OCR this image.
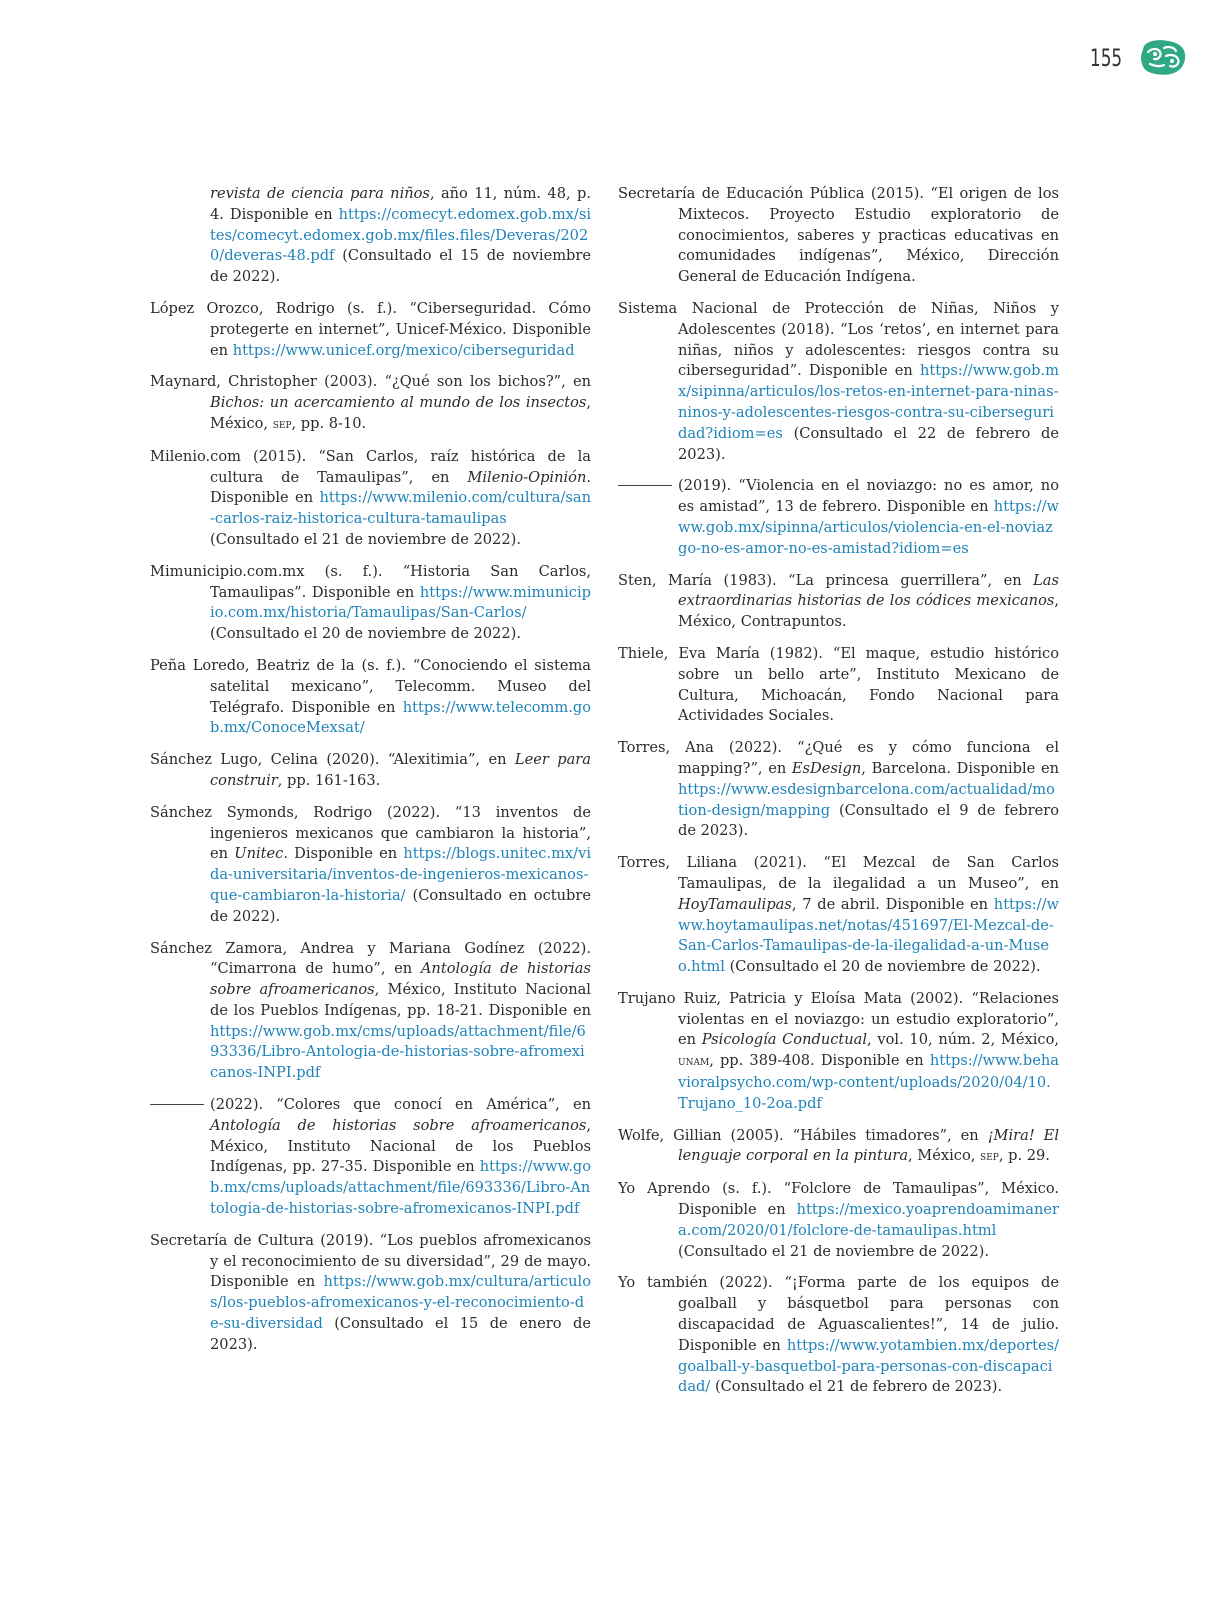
155

revista de ciencia para niños, año 11, núm. 48, p. 4. Disponible en https://comecyt.edomex.gob.mx/sites/comecyt.edomex.gob.mx/files.files/Deveras/2020/deveras-48.pdf (Consultado el 15 de noviembre de 2022).

López Orozco, Rodrigo (s. f.). “Ciberseguridad. Cómo protegerte en internet”, Unicef-México. Disponible en https://www.unicef.org/mexico/ciberseguridad

Maynard, Christopher (2003). “¿Qué son los bichos?”, en Bichos: un acercamiento al mundo de los insectos, México, sep, pp. 8-10.

Milenio.com (2015). “San Carlos, raíz histórica de la cultura de Tamaulipas”, en Milenio-Opinión. Disponible en https://www.milenio.com/cultura/san-carlos-raiz-historica-cultura-tamaulipas (Consultado el 21 de noviembre de 2022).

Mimunicipio.com.mx (s. f.). “Historia San Carlos, Tamaulipas”. Disponible en https://www.mimunicipio.com.mx/historia/Tamaulipas/San-Carlos/ (Consultado el 20 de noviembre de 2022).

Peña Loredo, Beatriz de la (s. f.). “Conociendo el sistema satelital mexicano”, Telecomm. Museo del Telégrafo. Disponible en https://www.telecomm.gob.mx/ConoceMexsat/

Sánchez Lugo, Celina (2020). “Alexitimia”, en Leer para construir, pp. 161-163.

Sánchez Symonds, Rodrigo (2022). “13 inventos de ingenieros mexicanos que cambiaron la historia”, en Unitec. Disponible en https://blogs.unitec.mx/vida-universitaria/inventos-de-ingenieros-mexicanos-que-cambiaron-la-historia/ (Consultado en octubre de 2022).

Sánchez Zamora, Andrea y Mariana Godínez (2022). “Cimarrona de humo”, en Antología de historias sobre afroamericanos, México, Instituto Nacional de los Pueblos Indígenas, pp. 18-21. Disponible en https://www.gob.mx/cms/uploads/attachment/file/693336/Libro-Antologia-de-historias-sobre-afromexicanos-INPI.pdf

(2022). “Colores que conocí en América”, en Antología de historias sobre afroamericanos, México, Instituto Nacional de los Pueblos Indígenas, pp. 27-35. Disponible en https://www.gob.mx/cms/uploads/attachment/file/693336/Libro-Antologia-de-historias-sobre-afromexicanos-INPI.pdf

Secretaría de Cultura (2019). “Los pueblos afromexicanos y el reconocimiento de su diversidad”, 29 de mayo. Disponible en https://www.gob.mx/cultura/articulos/los-pueblos-afromexicanos-y-el-reconocimiento-de-su-diversidad (Consultado el 15 de enero de 2023).

Secretaría de Educación Pública (2015). “El origen de los Mixtecos. Proyecto Estudio exploratorio de conocimientos, saberes y practicas educativas en comunidades indígenas”, México, Dirección General de Educación Indígena.

Sistema Nacional de Protección de Niñas, Niños y Adolescentes (2018). “Los ‘retos’, en internet para niñas, niños y adolescentes: riesgos contra su ciberseguridad”. Disponible en https://www.gob.mx/sipinna/articulos/los-retos-en-internet-para-ninas-ninos-y-adolescentes-riesgos-contra-su-ciberseguridad?idiom=es (Consultado el 22 de febrero de 2023).

(2019). “Violencia en el noviazgo: no es amor, no es amistad”, 13 de febrero. Disponible en https://www.gob.mx/sipinna/articulos/violencia-en-el-noviazgo-no-es-amor-no-es-amistad?idiom=es

Sten, María (1983). “La princesa guerrillera”, en Las extraordinarias historias de los códices mexicanos, México, Contrapuntos.

Thiele, Eva María (1982). “El maque, estudio histórico sobre un bello arte”, Instituto Mexicano de Cultura, Michoacán, Fondo Nacional para Actividades Sociales.

Torres, Ana (2022). “¿Qué es y cómo funciona el mapping?”, en EsDesign, Barcelona. Disponible en https://www.esdesignbarcelona.com/actualidad/motion-design/mapping (Consultado el 9 de febrero de 2023).

Torres, Liliana (2021). “El Mezcal de San Carlos Tamaulipas, de la ilegalidad a un Museo”, en HoyTamaulipas, 7 de abril. Disponible en https://www.hoytamaulipas.net/notas/451697/El-Mezcal-de-San-Carlos-Tamaulipas-de-la-ilegalidad-a-un-Museo.html (Consultado el 20 de noviembre de 2022).

Trujano Ruiz, Patricia y Eloísa Mata (2002). “Relaciones violentas en el noviazgo: un estudio exploratorio”, en Psicología Conductual, vol. 10, núm. 2, México, unam, pp. 389-408. Disponible en https://www.behavioralpsycho.com/wp-content/uploads/2020/04/10.Trujano_10-2oa.pdf

Wolfe, Gillian (2005). “Hábiles timadores”, en ¡Mira! El lenguaje corporal en la pintura, México, sep, p. 29.

Yo Aprendo (s. f.). “Folclore de Tamaulipas”, México. Disponible en https://mexico.yoaprendoamimanera.com/2020/01/folclore-de-tamaulipas.html (Consultado el 21 de noviembre de 2022).

Yo también (2022). “¡Forma parte de los equipos de goalball y básquetbol para personas con discapacidad de Aguascalientes!”, 14 de julio. Disponible en https://www.yotambien.mx/deportes/goalball-y-basquetbol-para-personas-con-discapacidad/ (Consultado el 21 de febrero de 2023).
